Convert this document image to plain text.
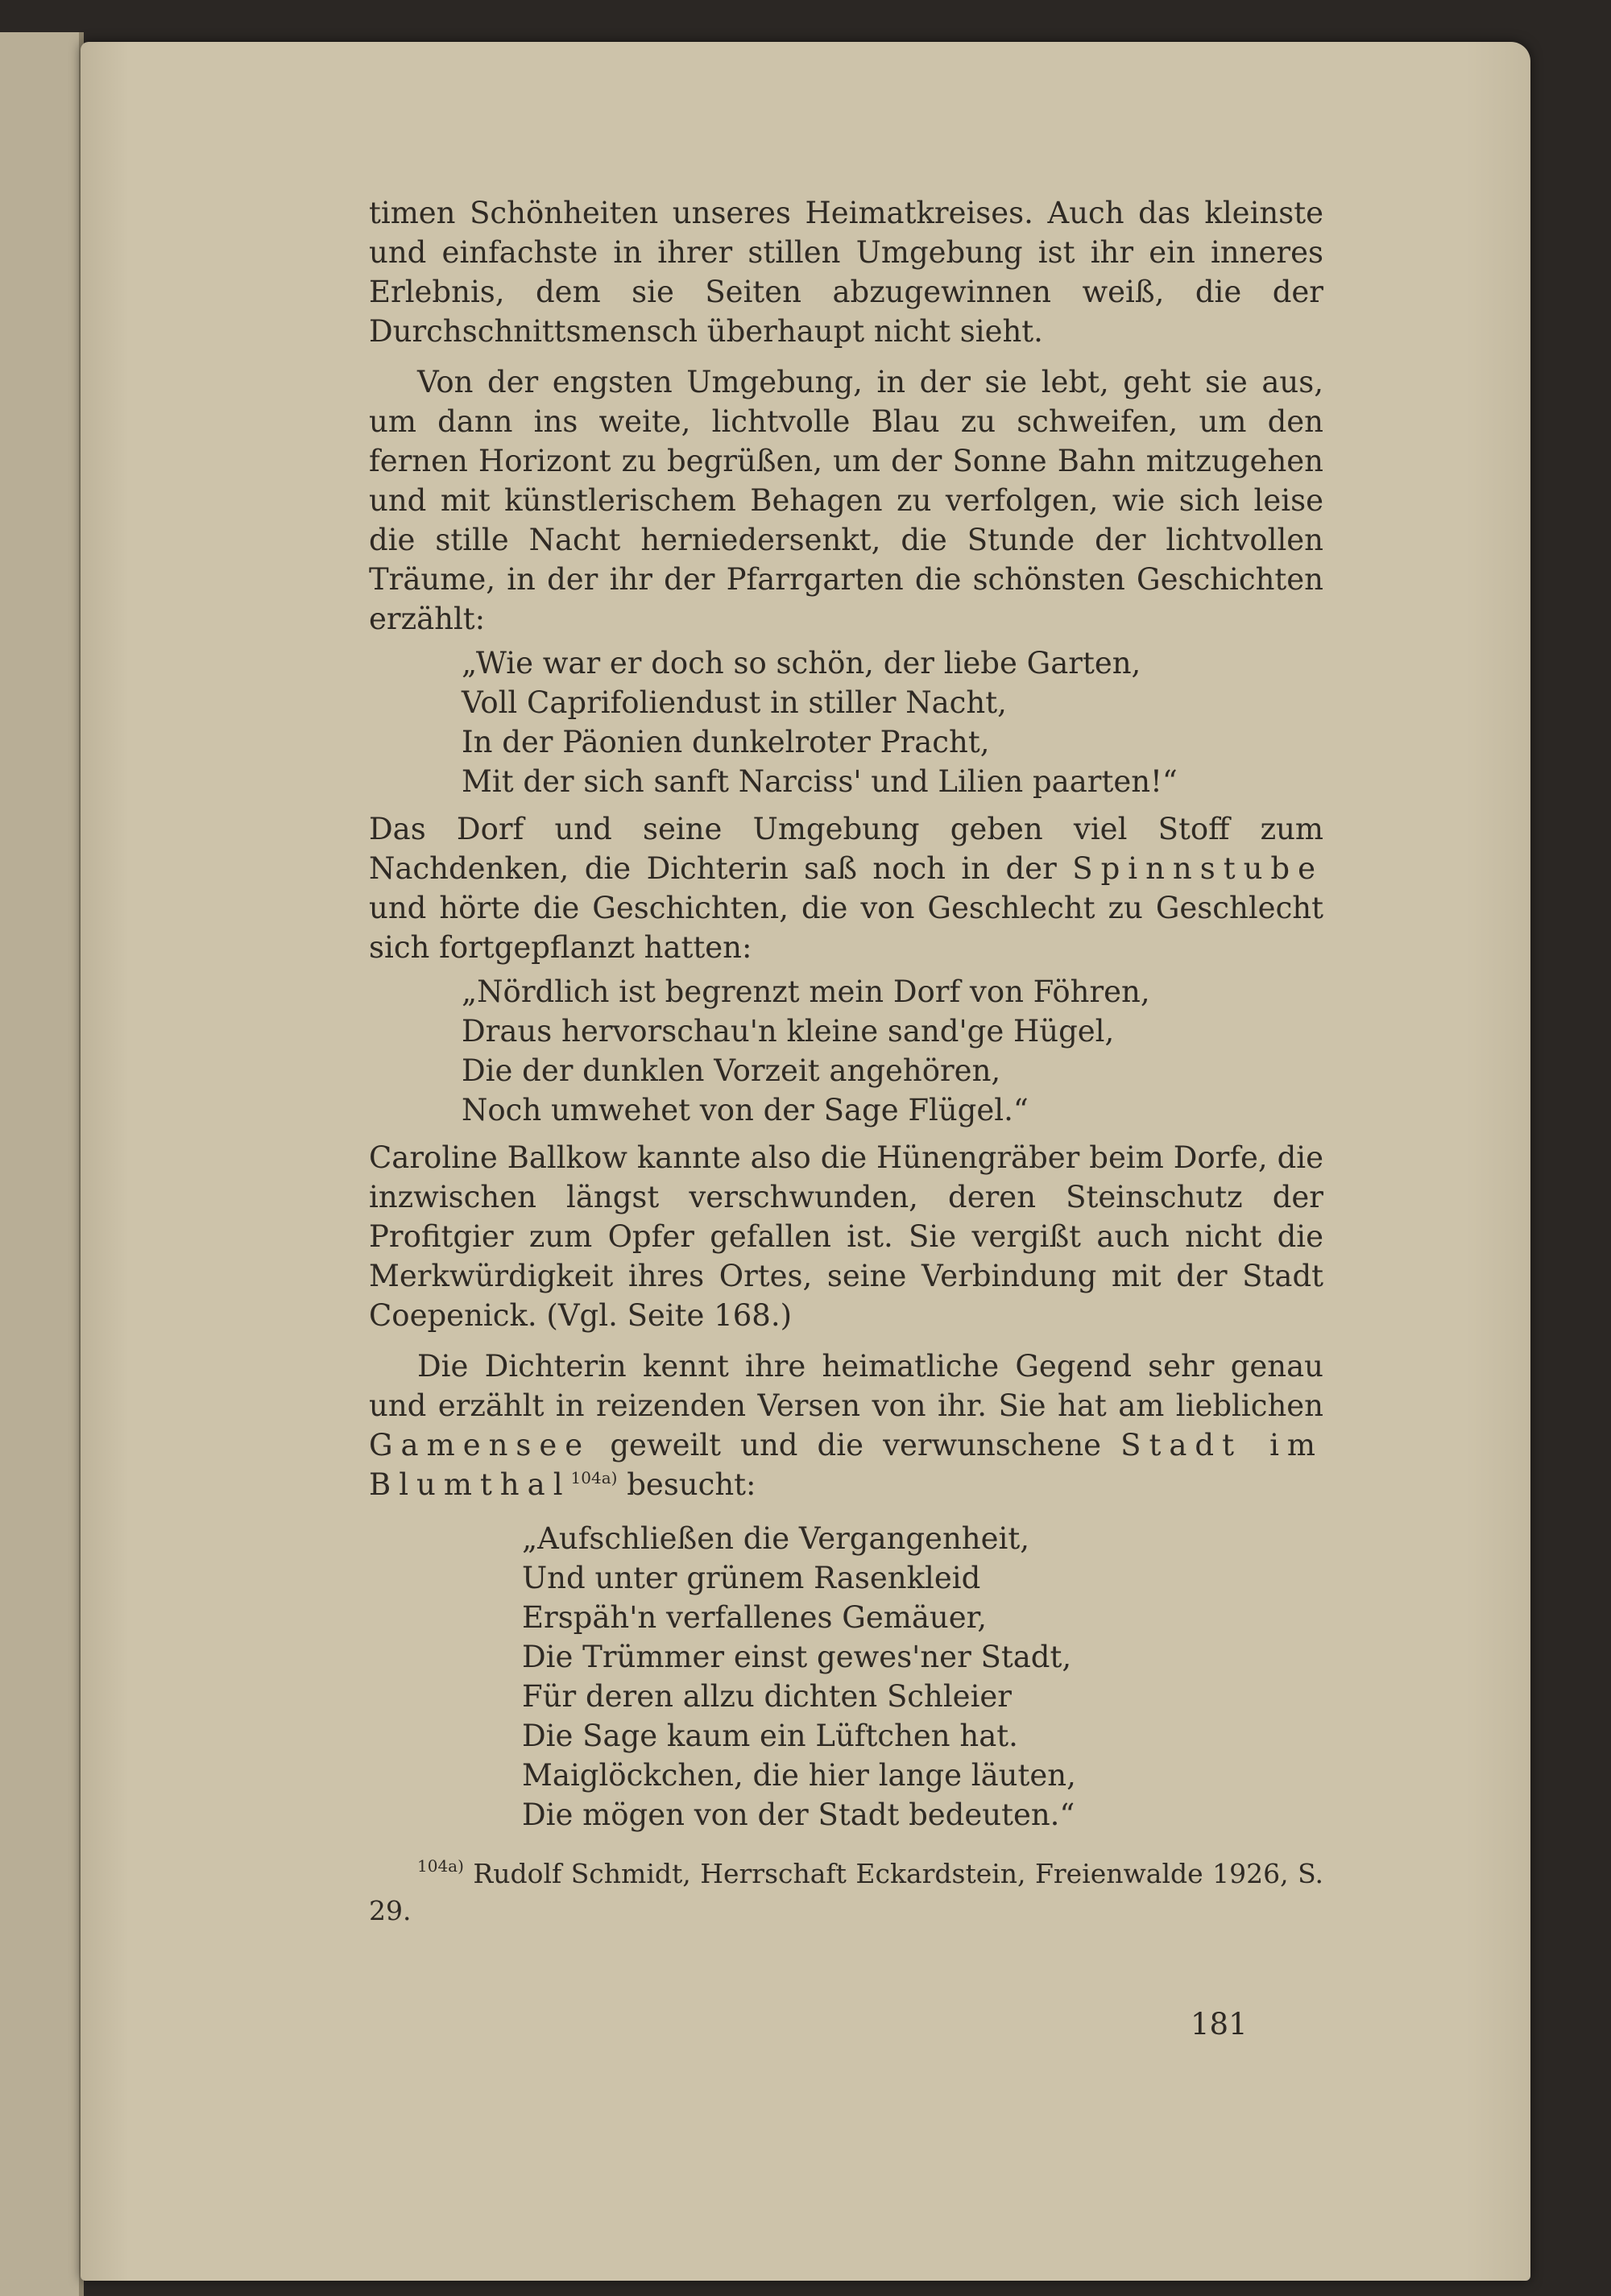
timen Schönheiten unseres Heimatkreises. Auch das kleinste und einfachste in ihrer stillen Umgebung ist ihr ein inneres Erlebnis, dem sie Seiten abzugewinnen weiß, die der Durchschnittsmensch überhaupt nicht sieht.

Von der engsten Umgebung, in der sie lebt, geht sie aus, um dann ins weite, lichtvolle Blau zu schweifen, um den fernen Horizont zu begrüßen, um der Sonne Bahn mitzugehen und mit künstlerischem Behagen zu verfolgen, wie sich leise die stille Nacht herniedersenkt, die Stunde der lichtvollen Träume, in der ihr der Pfarrgarten die schönsten Geschichten erzählt:

„Wie war er doch so schön, der liebe Garten,
Voll Caprifoliendust in stiller Nacht,
In der Päonien dunkelroter Pracht,
Mit der sich sanft Narciss' und Lilien paarten!“

Das Dorf und seine Umgebung geben viel Stoff zum Nachdenken, die Dichterin saß noch in der Spinnstube und hörte die Geschichten, die von Geschlecht zu Geschlecht sich fortgepflanzt hatten:

„Nördlich ist begrenzt mein Dorf von Föhren,
Draus hervorschau'n kleine sand'ge Hügel,
Die der dunklen Vorzeit angehören,
Noch umwehet von der Sage Flügel.“

Caroline Ballkow kannte also die Hünengräber beim Dorfe, die inzwischen längst verschwunden, deren Steinschutz der Profitgier zum Opfer gefallen ist. Sie vergißt auch nicht die Merkwürdigkeit ihres Ortes, seine Verbindung mit der Stadt Coepenick. (Vgl. Seite 168.)

Die Dichterin kennt ihre heimatliche Gegend sehr genau und erzählt in reizenden Versen von ihr. Sie hat am lieblichen Gamensee geweilt und die verwunschene Stadt im Blumthal$^{104a)}$ besucht:

„Aufschließen die Vergangenheit,
Und unter grünem Rasenkleid
Erspäh'n verfallenes Gemäuer,
Die Trümmer einst gewes'ner Stadt,
Für deren allzu dichten Schleier
Die Sage kaum ein Lüftchen hat.
Maiglöckchen, die hier lange läuten,
Die mögen von der Stadt bedeuten.“

$^{104a)}$ Rudolf Schmidt, Herrschaft Eckardstein, Freienwalde 1926, S. 29.

181
